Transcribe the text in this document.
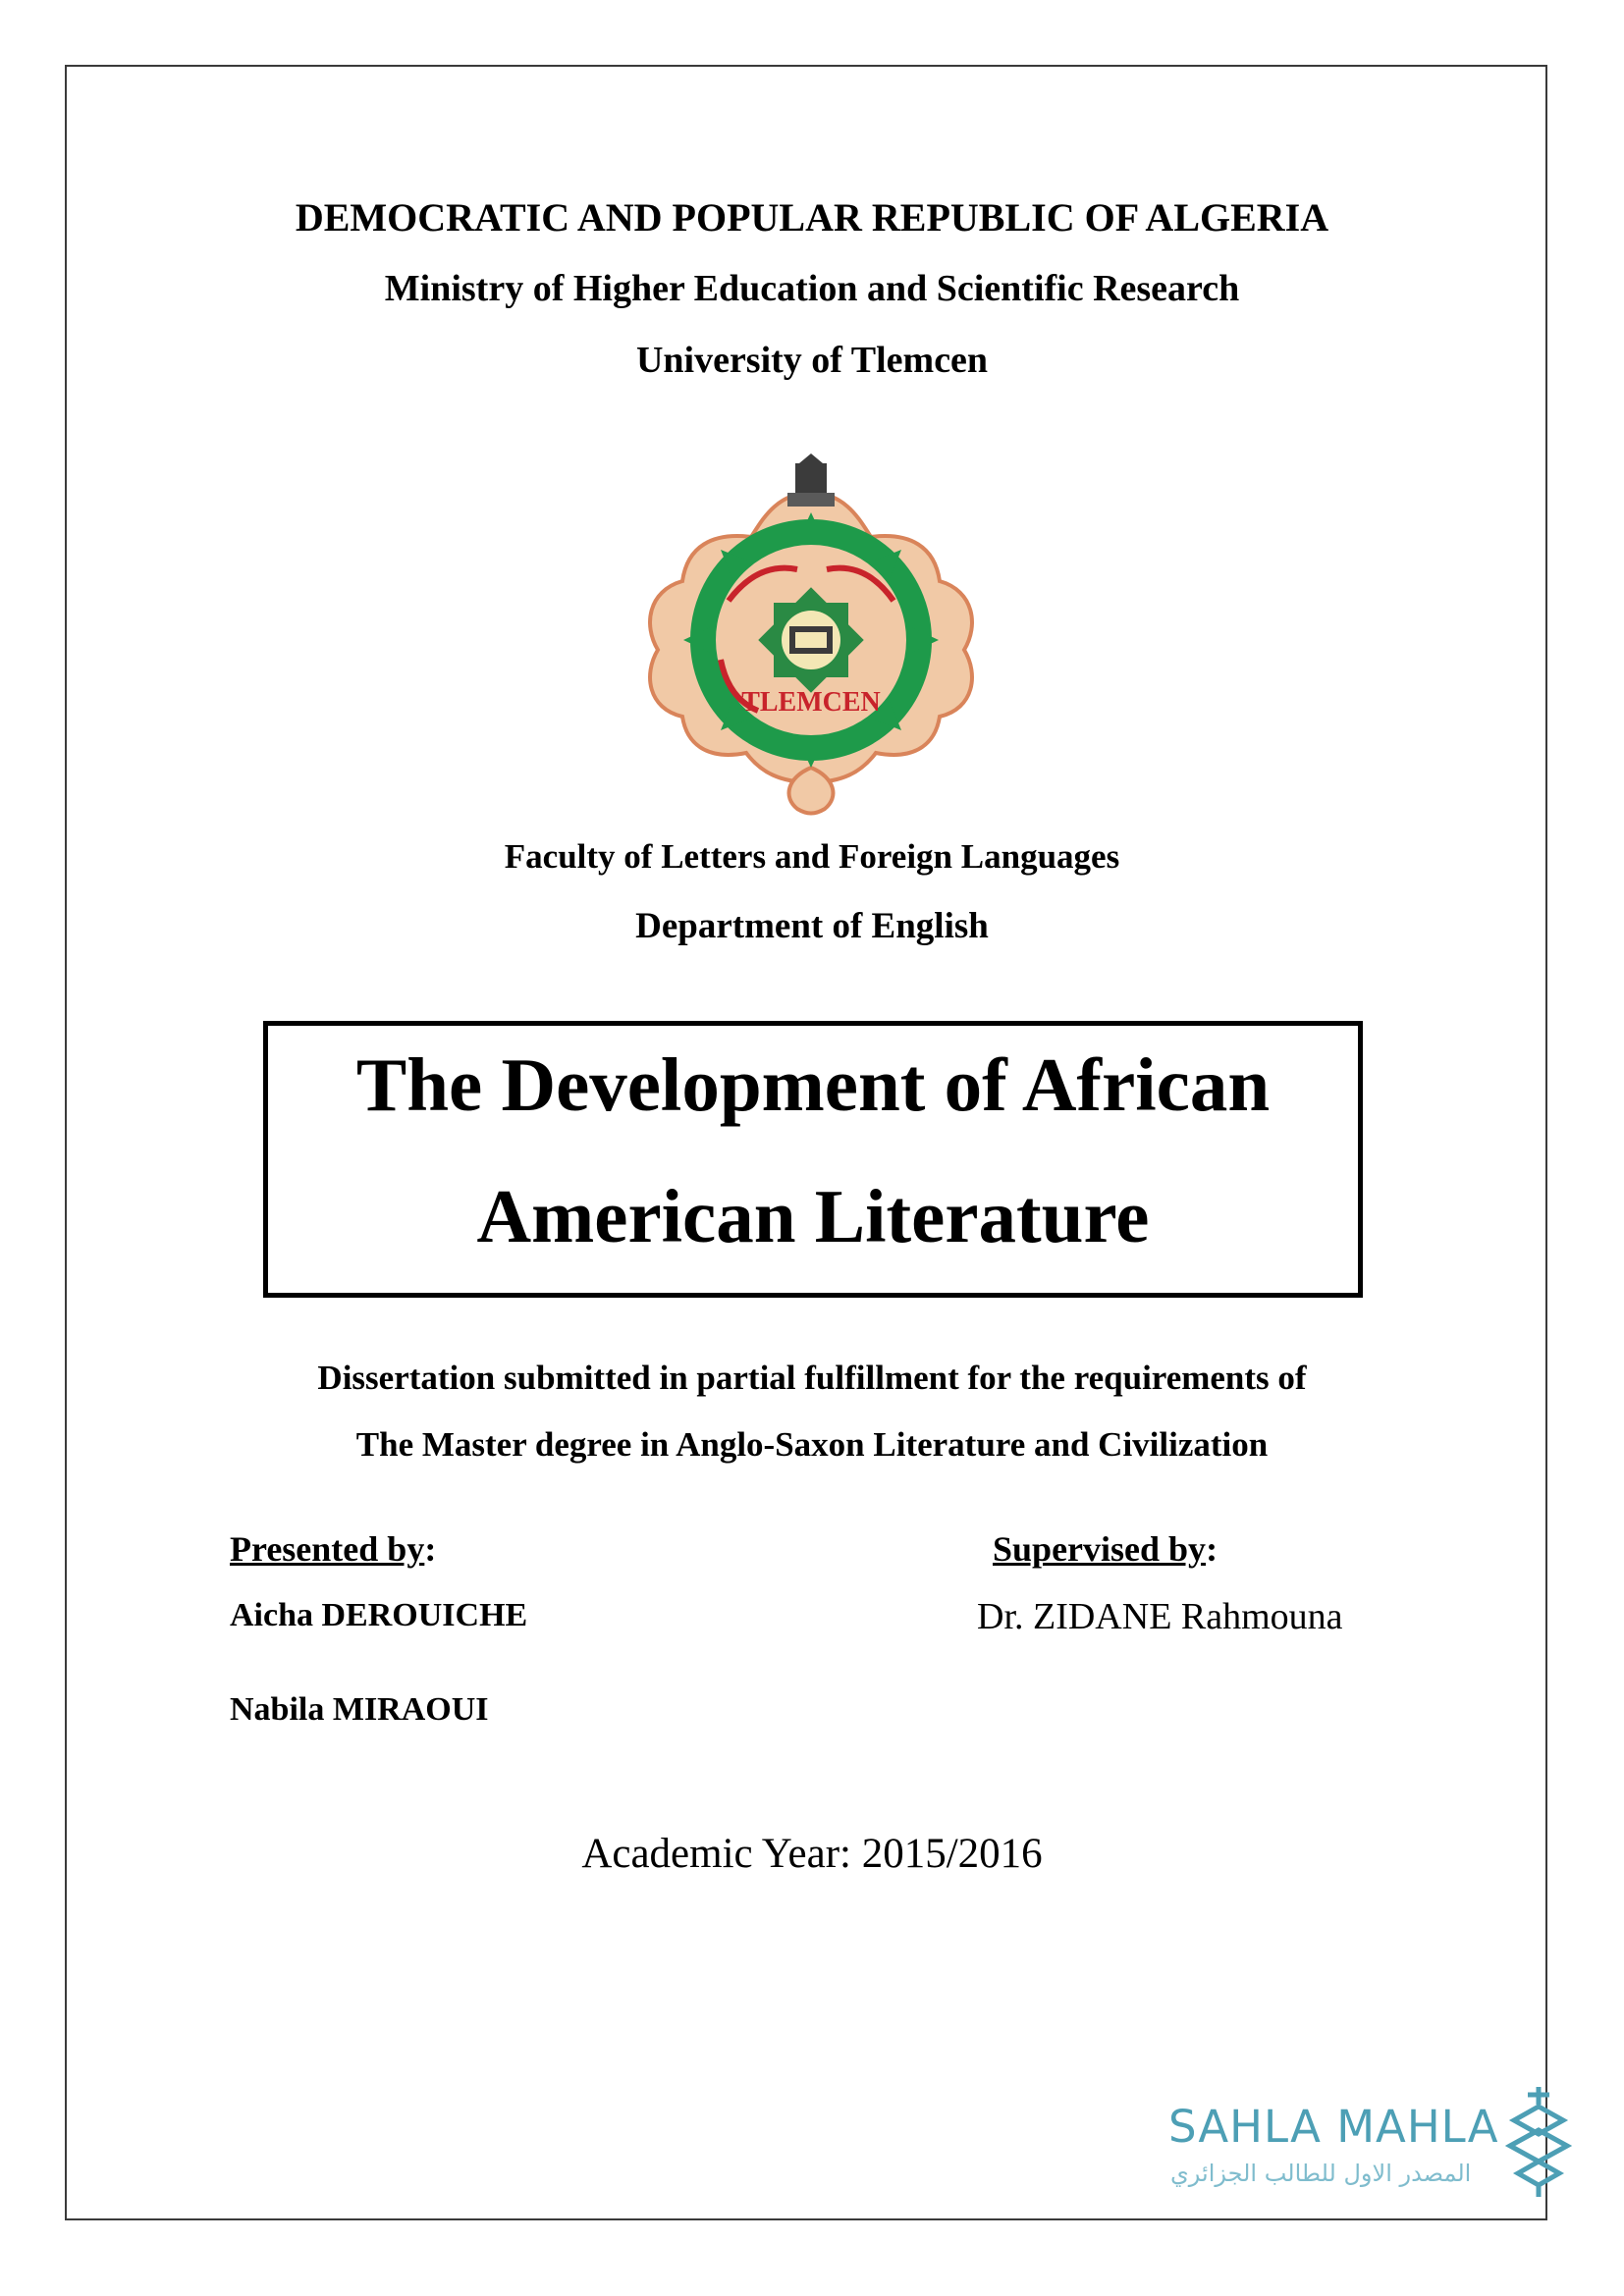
DEMOCRATIC AND POPULAR REPUBLIC OF ALGERIA
Ministry of Higher Education and Scientific Research
University of Tlemcen
TLEMCEN
Faculty of Letters and Foreign Languages
Department of English
The Development of African
American Literature
Dissertation submitted in partial fulfillment for the requirements of
The Master degree in Anglo-Saxon Literature and Civilization
Presented by:	Supervised by:
Aicha DEROUICHE
Nabila MIRAOUI
Dr. ZIDANE Rahmouna
Academic Year: 2015/2016
SAHLA MAHLA
المصدر الاول للطالب الجزائري
